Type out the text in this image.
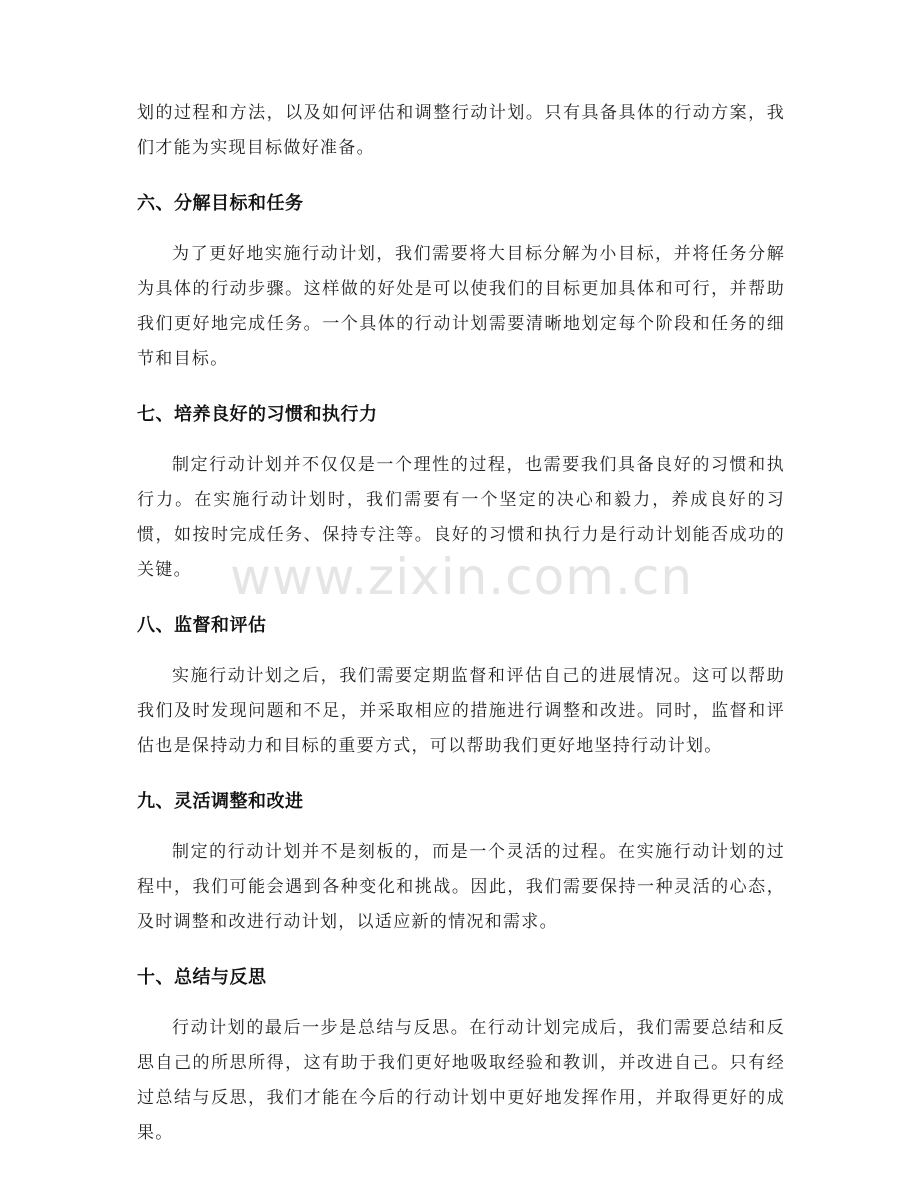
划的过程和方法，以及如何评估和调整行动计划。只有具备具体的行动方案，我们才能为实现目标做好准备。

六、分解目标和任务

为了更好地实施行动计划，我们需要将大目标分解为小目标，并将任务分解为具体的行动步骤。这样做的好处是可以使我们的目标更加具体和可行，并帮助我们更好地完成任务。一个具体的行动计划需要清晰地划定每个阶段和任务的细节和目标。

七、培养良好的习惯和执行力

制定行动计划并不仅仅是一个理性的过程，也需要我们具备良好的习惯和执行力。在实施行动计划时，我们需要有一个坚定的决心和毅力，养成良好的习惯，如按时完成任务、保持专注等。良好的习惯和执行力是行动计划能否成功的关键。

八、监督和评估

实施行动计划之后，我们需要定期监督和评估自己的进展情况。这可以帮助我们及时发现问题和不足，并采取相应的措施进行调整和改进。同时，监督和评估也是保持动力和目标的重要方式，可以帮助我们更好地坚持行动计划。

九、灵活调整和改进

制定的行动计划并不是刻板的，而是一个灵活的过程。在实施行动计划的过程中，我们可能会遇到各种变化和挑战。因此，我们需要保持一种灵活的心态，及时调整和改进行动计划，以适应新的情况和需求。

十、总结与反思

行动计划的最后一步是总结与反思。在行动计划完成后，我们需要总结和反思自己的所思所得，这有助于我们更好地吸取经验和教训，并改进自己。只有经过总结与反思，我们才能在今后的行动计划中更好地发挥作用，并取得更好的成果。

www.zixin.com.cn
